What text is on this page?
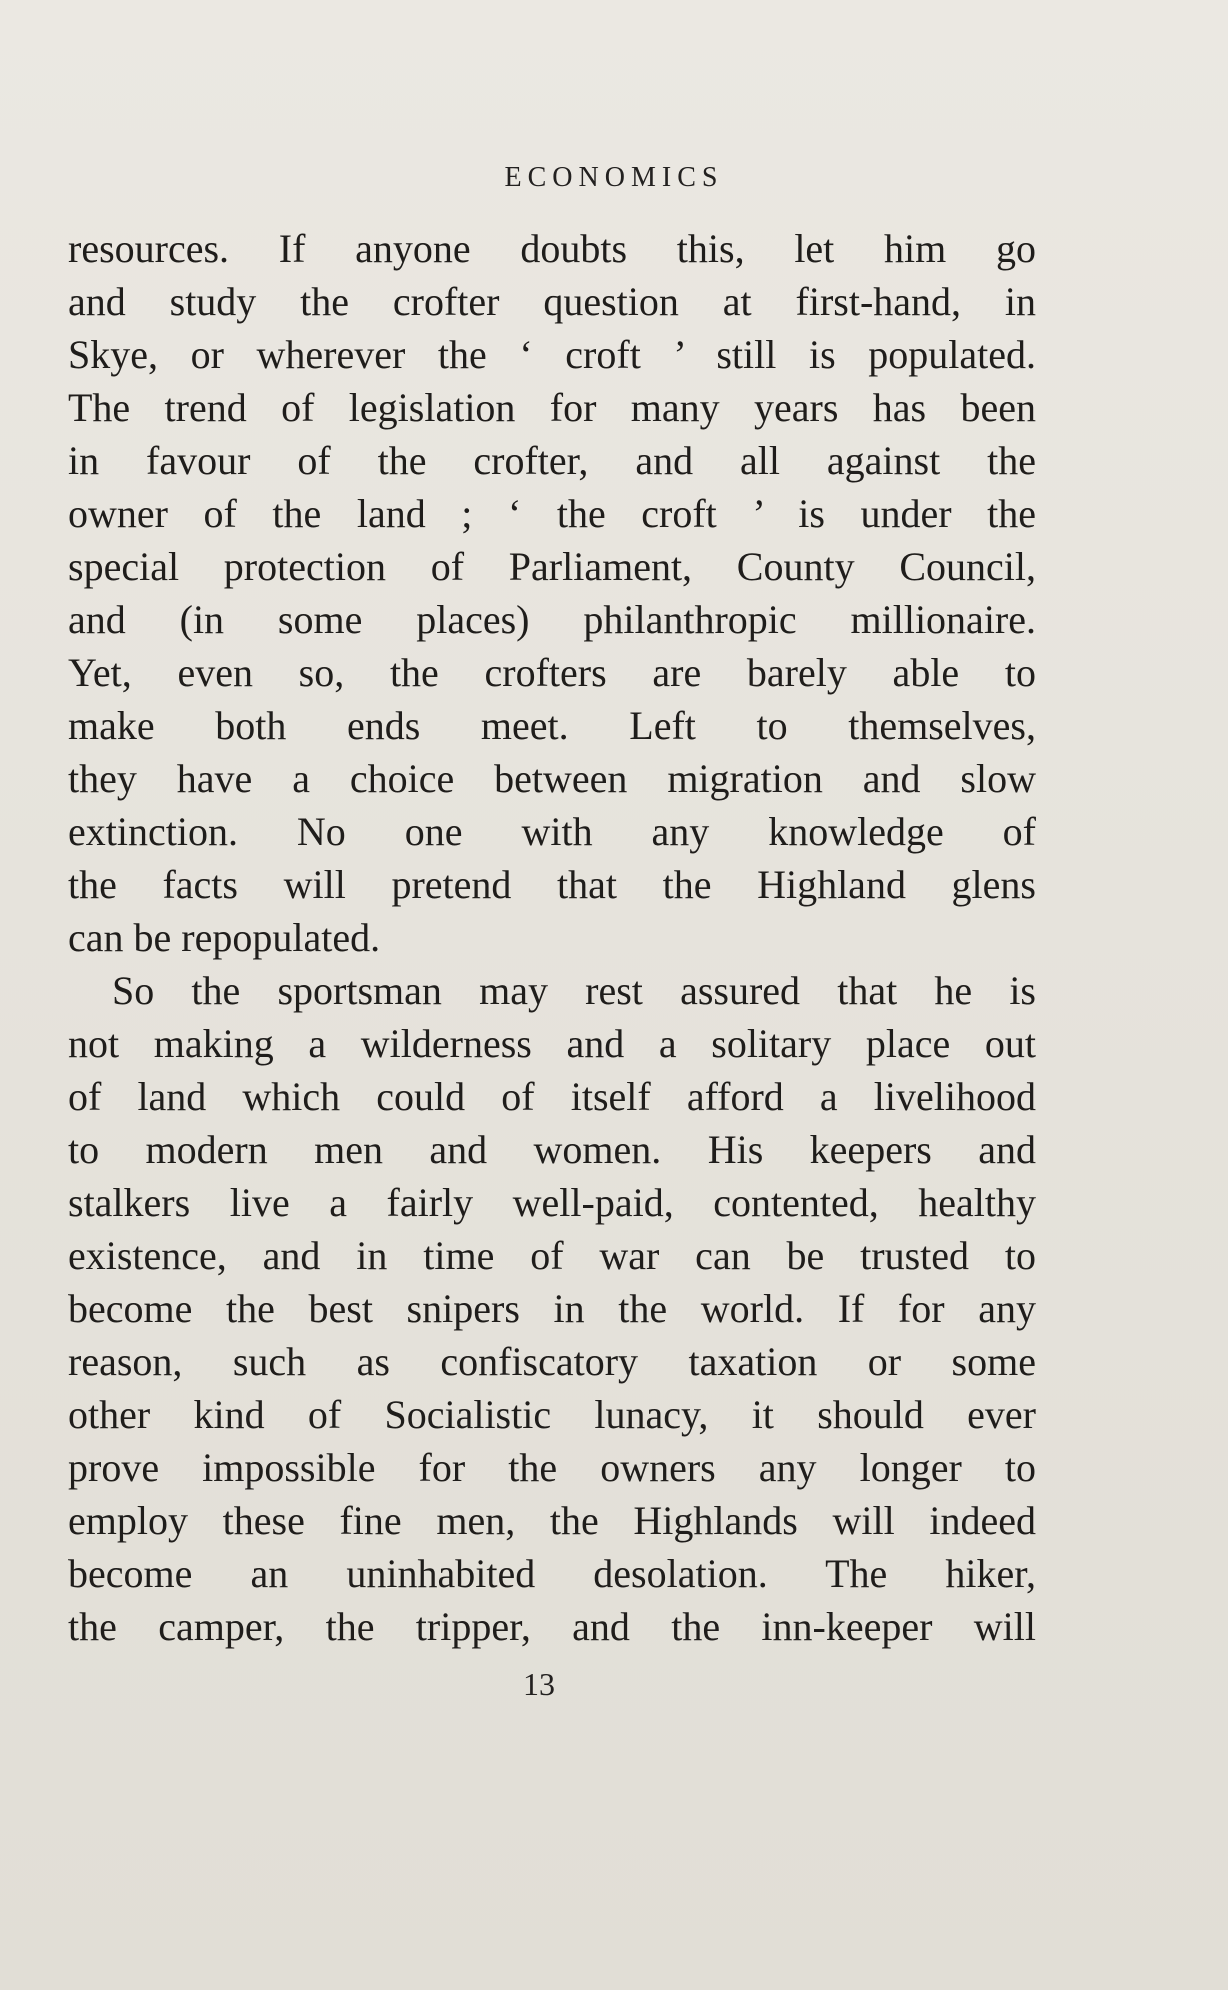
ECONOMICS
resources. If anyone doubts this, let him go
and study the crofter question at first-hand, in
Skye, or wherever the ‘ croft ’ still is populated.
The trend of legislation for many years has been
in favour of the crofter, and all against the
owner of the land ; ‘ the croft ’ is under the
special protection of Parliament, County Council,
and (in some places) philanthropic millionaire.
Yet, even so, the crofters are barely able to
make both ends meet. Left to themselves,
they have a choice between migration and slow
extinction. No one with any knowledge of
the facts will pretend that the Highland glens
can be repopulated.
So the sportsman may rest assured that he is
not making a wilderness and a solitary place out
of land which could of itself afford a livelihood
to modern men and women. His keepers and
stalkers live a fairly well-paid, contented, healthy
existence, and in time of war can be trusted to
become the best snipers in the world. If for any
reason, such as confiscatory taxation or some
other kind of Socialistic lunacy, it should ever
prove impossible for the owners any longer to
employ these fine men, the Highlands will indeed
become an uninhabited desolation. The hiker,
the camper, the tripper, and the inn-keeper will
13
